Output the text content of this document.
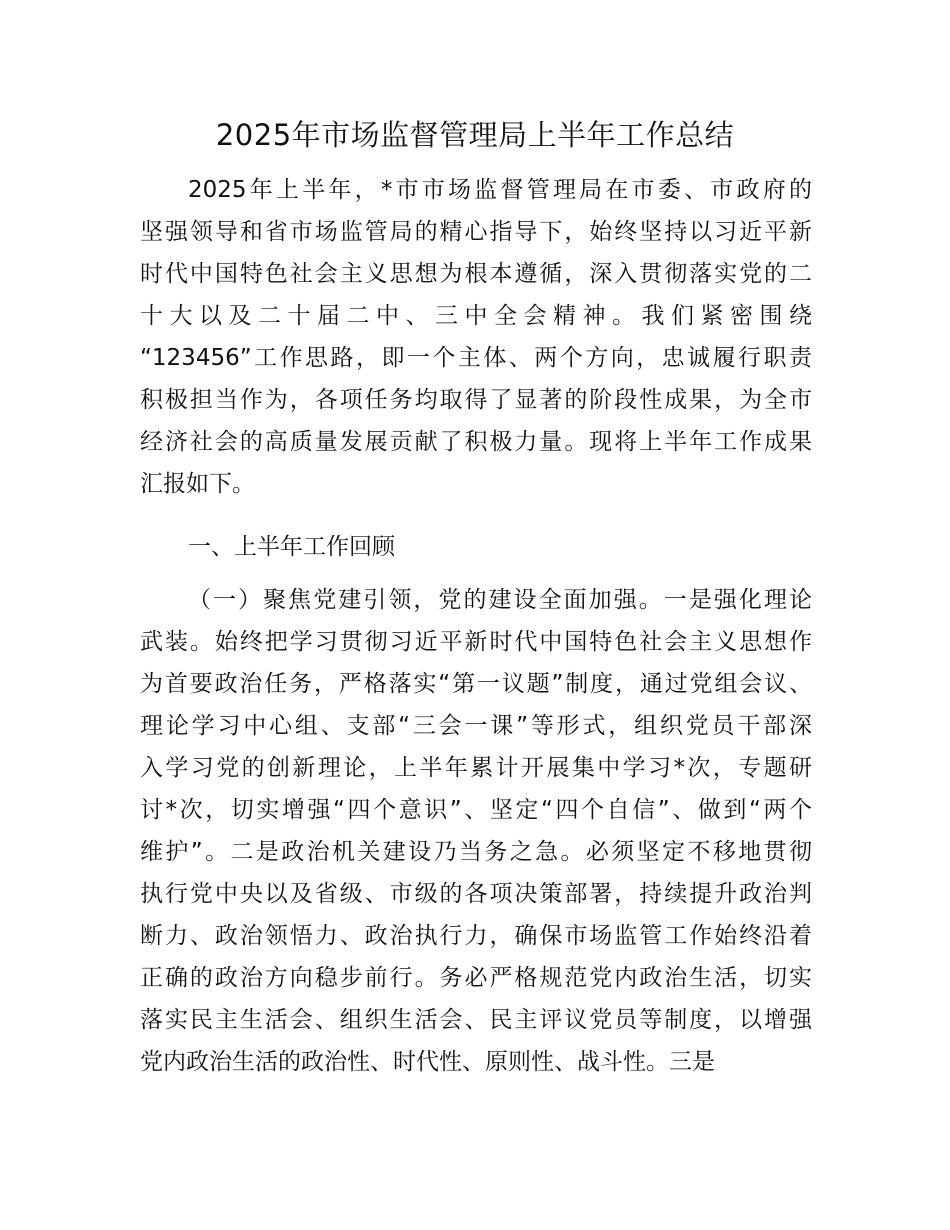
2025年市场监督管理局上半年工作总结
2025年上半年，*市市场监督管理局在市委、市政府的
坚强领导和省市场监管局的精心指导下，始终坚持以习近平新
时代中国特色社会主义思想为根本遵循，深入贯彻落实党的二
十大以及二十届二中、三中全会精神。我们紧密围绕
“123456”工作思路，即一个主体、两个方向，忠诚履行职责
积极担当作为，各项任务均取得了显著的阶段性成果，为全市
经济社会的高质量发展贡献了积极力量。现将上半年工作成果
汇报如下。
一、上半年工作回顾
（一）聚焦党建引领，党的建设全面加强。一是强化理论
武装。始终把学习贯彻习近平新时代中国特色社会主义思想作
为首要政治任务，严格落实“第一议题”制度，通过党组会议、
理论学习中心组、支部“三会一课”等形式，组织党员干部深
入学习党的创新理论，上半年累计开展集中学习*次，专题研
讨*次，切实增强“四个意识”、坚定“四个自信”、做到“两个
维护”。二是政治机关建设乃当务之急。必须坚定不移地贯彻
执行党中央以及省级、市级的各项决策部署，持续提升政治判
断力、政治领悟力、政治执行力，确保市场监管工作始终沿着
正确的政治方向稳步前行。务必严格规范党内政治生活，切实
落实民主生活会、组织生活会、民主评议党员等制度，以增强
党内政治生活的政治性、时代性、原则性、战斗性。三是
